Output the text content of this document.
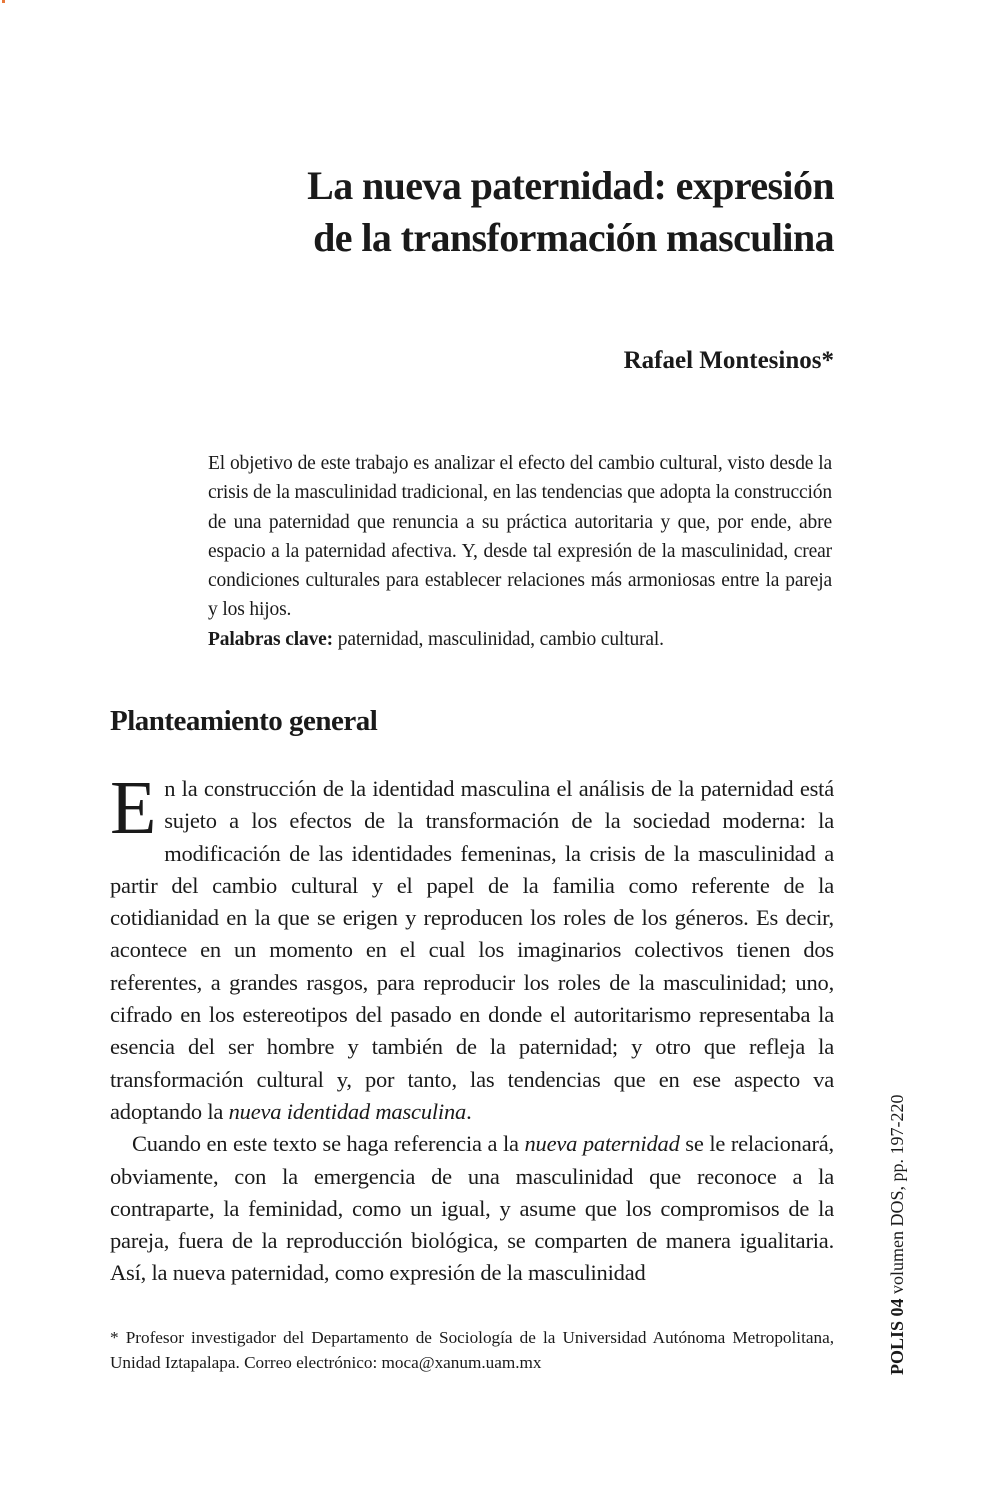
La nueva paternidad: expresión
de la transformación masculina

Rafael Montesinos*

El objetivo de este trabajo es analizar el efecto del cambio cultural, visto desde la crisis de la masculinidad tradicional, en las tendencias que adopta la construcción de una paternidad que renuncia a su práctica autoritaria y que, por ende, abre espacio a la paternidad afectiva. Y, desde tal expresión de la masculinidad, crear condiciones culturales para establecer relaciones más armoniosas entre la pareja y los hijos.
Palabras clave: paternidad, masculinidad, cambio cultural.

Planteamiento general

En la construcción de la identidad masculina el análisis de la paternidad está sujeto a los efectos de la transformación de la sociedad moderna: la modificación de las identidades femeninas, la crisis de la masculinidad a partir del cambio cultural y el papel de la familia como referente de la cotidianidad en la que se erigen y reproducen los roles de los géneros. Es decir, acontece en un momento en el cual los imaginarios colectivos tienen dos referentes, a grandes rasgos, para reproducir los roles de la masculinidad; uno, cifrado en los estereotipos del pasado en donde el autoritarismo representaba la esencia del ser hombre y también de la paternidad; y otro que refleja la transformación cultural y, por tanto, las tendencias que en ese aspecto va adoptando la nueva identidad masculina.

Cuando en este texto se haga referencia a la nueva paternidad se le relacionará, obviamente, con la emergencia de una masculinidad que reconoce a la contraparte, la feminidad, como un igual, y asume que los compromisos de la pareja, fuera de la reproducción biológica, se comparten de manera igualitaria. Así, la nueva paternidad, como expresión de la masculinidad

* Profesor investigador del Departamento de Sociología de la Universidad Autónoma Metropolitana, Unidad Iztapalapa. Correo electrónico: moca@xanum.uam.mx	POLIS 04 volumen DOS, pp. 197-220
